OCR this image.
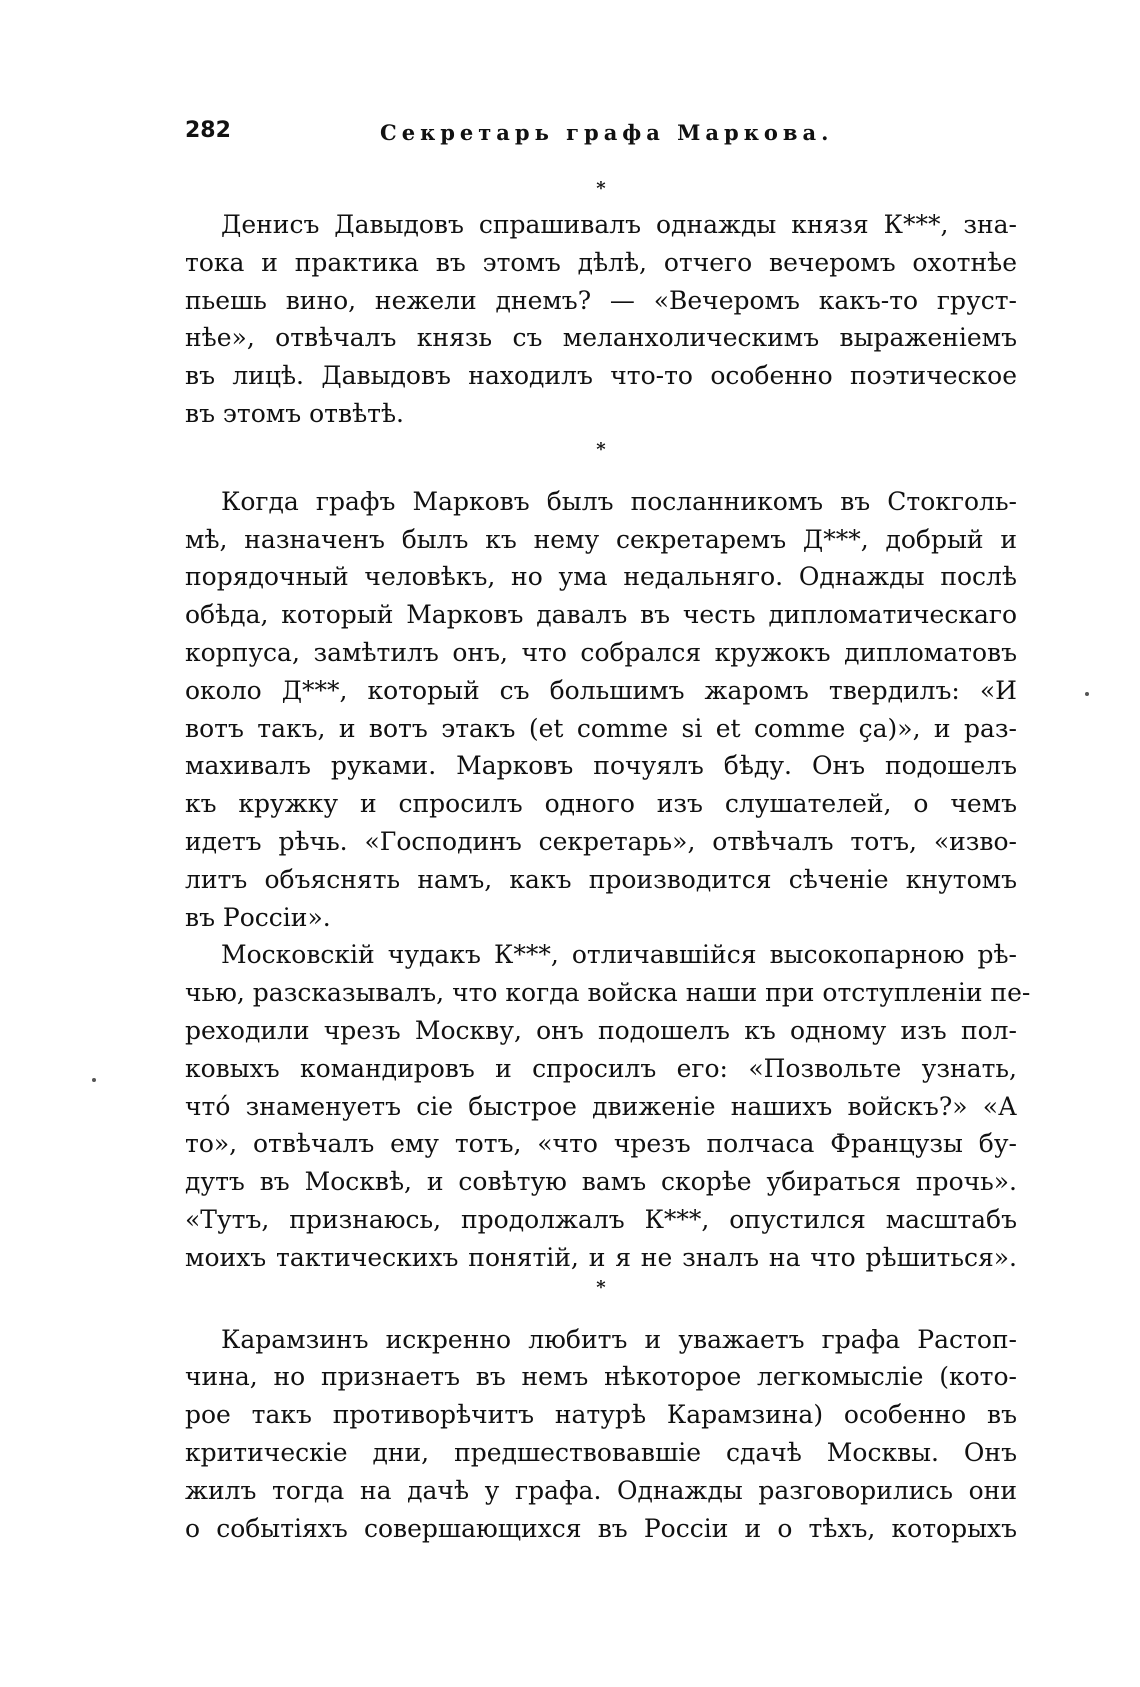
282	Секретарь графа Маркова.
*

Денисъ Давыдовъ спрашивалъ однажды князя К***, зна-
тока и практика въ этомъ дѣлѣ, отчего вечеромъ охотнѣе
пьешь вино, нежели днемъ? — «Вечеромъ какъ-то груст-
нѣе», отвѣчалъ князь съ меланхолическимъ выраженіемъ
въ лицѣ. Давыдовъ находилъ что-то особенно поэтическое
въ этомъ отвѣтѣ.

*

Когда графъ Марковъ былъ посланникомъ въ Стокголь-
мѣ, назначенъ былъ къ нему секретаремъ Д***, добрый и
порядочный человѣкъ, но ума недальняго. Однажды послѣ
обѣда, который Марковъ давалъ въ честь дипломатическаго
корпуса, замѣтилъ онъ, что собрался кружокъ дипломатовъ
около Д***, который съ большимъ жаромъ твердилъ: «И
вотъ такъ, и вотъ этакъ (et comme si et comme ça)», и раз-
махивалъ руками. Марковъ почуялъ бѣду. Онъ подошелъ
къ кружку и спросилъ одного изъ слушателей, о чемъ
идетъ рѣчь. «Господинъ секретарь», отвѣчалъ тотъ, «изво-
литъ объяснять намъ, какъ производится сѣченіе кнутомъ
въ Россіи».

Московскій чудакъ К***, отличавшійся высокопарною рѣ-
чью, разсказывалъ, что когда войска наши при отступленіи пе-
реходили чрезъ Москву, онъ подошелъ къ одному изъ пол-
ковыхъ командировъ и спросилъ его: «Позвольте узнать,
что́ знаменуетъ сіе быстрое движеніе нашихъ войскъ?» «А
то», отвѣчалъ ему тотъ, «что чрезъ полчаса Французы бу-
дутъ въ Москвѣ, и совѣтую вамъ скорѣе убираться прочь».
«Тутъ, признаюсь, продолжалъ К***, опустился масштабъ
моихъ тактическихъ понятій, и я не зналъ на что рѣшиться».

*

Карамзинъ искренно любитъ и уважаетъ графа Растоп-
чина, но признаетъ въ немъ нѣкоторое легкомысліе (кото-
рое такъ противорѣчитъ натурѣ Карамзина) особенно въ
критическіе дни, предшествовавшіе сдачѣ Москвы. Онъ
жилъ тогда на дачѣ у графа. Однажды разговорились они
о событіяхъ совершающихся въ Россіи и о тѣхъ, которыхъ
